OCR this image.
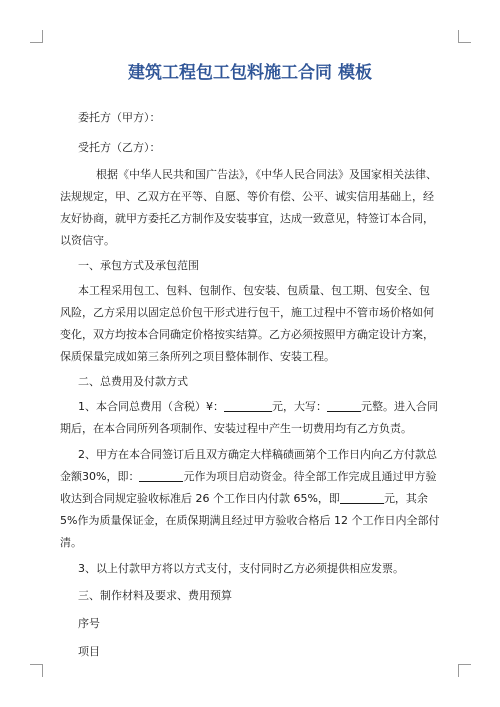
建筑工程包工包料施工合同 模板

委托方（甲方）：

受托方（乙方）：

根据《中华人民共和国广告法》，《中华人民合同法》及国家相关法律、法规规定，甲、乙双方在平等、自愿、等价有偿、公平、诚实信用基础上，经友好协商，就甲方委托乙方制作及安装事宜，达成一致意见，特签订本合同，以资信守。

一、承包方式及承包范围

本工程采用包工、包料、包制作、包安装、包质量、包工期、包安全、包风险，乙方采用以固定总价包干形式进行包干，施工过程中不管市场价格如何变化，双方均按本合同确定价格按实结算。乙方必须按照甲方确定设计方案，保质保量完成如第三条所列之项目整体制作、安装工程。

二、总费用及付款方式

1、本合同总费用（含税）¥：	元，大写：	元整。进入合同期后，在本合同所列各项制作、安装过程中产生一切费用均有乙方负责。

2、甲方在本合同签订后且双方确定大样稿碛画第个工作日内向乙方付款总金额30%，即：	元作为项目启动资金。待全部工作完成且通过甲方验收达到合同规定验收标准后 26 个工作日内付款 65%，即	元，其余 5%作为质量保证金，在质保期满且经过甲方验收合格后 12 个工作日内全部付清。

3、以上付款甲方将以方式支付，支付同时乙方必须提供相应发票。

三、制作材料及要求、费用预算

序号

项目
